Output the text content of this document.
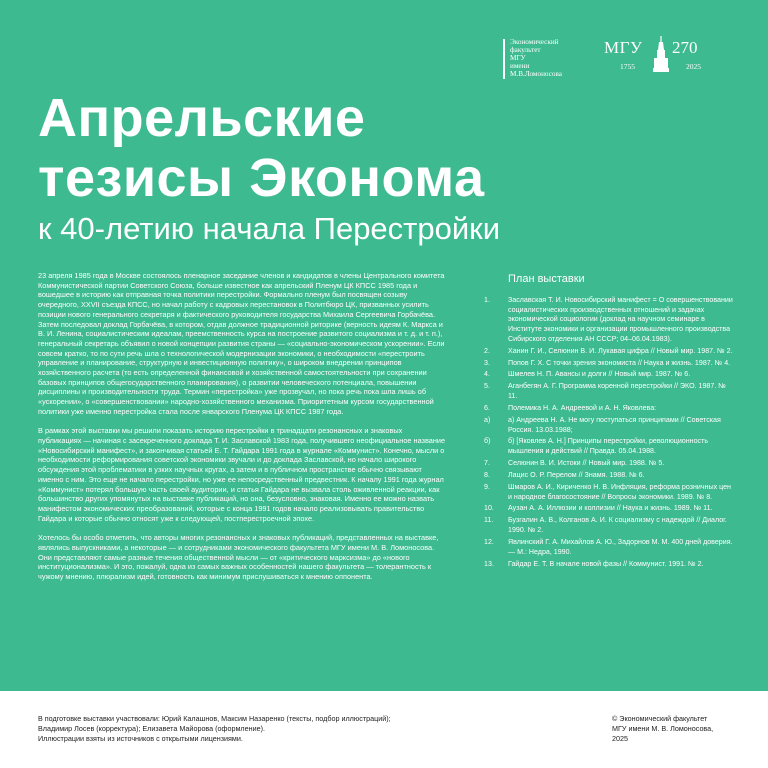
Экономический
факультет
МГУ
имени
М.В.Ломоносова
МГУ 270
1755	2025
Апрельские
тезисы Эконома
к 40-летию начала Перестройки

23 апреля 1985 года в Москве состоялось пленарное заседание членов и кандидатов в члены Центрального комитета Коммунистической партии Советского Союза, больше известное как апрельский Пленум ЦК КПСС 1985 года и вошедшее в историю как отправная точка политики перестройки. Формально пленум был посвящен созыву очередного, XXVII съезда КПСС, но начал работу с кадровых перестановок в Политбюро ЦК, призванных усилить позиции нового генерального секретаря и фактического руководителя государства Михаила Сергеевича Горбачёва. Затем последовал доклад Горбачёва, в котором, отдав должное традиционной риторике (верность идеям К. Маркса и В. И. Ленина, социалистическим идеалам, преемственность курса на построение развитого социализма и т. д. и т. п.), генеральный секретарь объявил о новой концепции развития страны — «социально-экономическом ускорении». Если совсем кратко, то по сути речь шла о технологической модернизации экономики, о необходимости «перестроить управление и планирование, структурную и инвестиционную политику», о широком внедрении принципов хозяйственного расчета (то есть определенной финансовой и хозяйственной самостоятельности при сохранении базовых принципов общегосударственного планирования), о развитии человеческого потенциала, повышении дисциплины и производительности труда. Термин «перестройка» уже прозвучал, но пока речь пока шла лишь об «ускорении», о «совершенствовании» народно-хозяйственного механизма. Приоритетным курсом государственной политики уже именно перестройка стала после январского Пленума ЦК КПСС 1987 года.

В рамках этой выставки мы решили показать историю перестройки в тринадцати резонансных и знаковых публикациях — начиная с засекреченного доклада Т. И. Заславской 1983 года, получившего неофициальное название «Новосибирский манифест», и закончивая статьей Е. Т. Гайдара 1991 года в журнале «Коммунист». Конечно, мысли о необходимости реформирования советской экономики звучали и до доклада Заславской, но начало широкого обсуждения этой проблематики в узких научных кругах, а затем и в публичном пространстве обычно связывают именно с ним. Это еще не начало перестройки, но уже ее непосредственный предвестник. К началу 1991 года журнал «Коммунист» потерял большую часть своей аудитории, и статья Гайдара не вызвала столь оживленной реакции, как большинство других упомянутых на выставке публикаций, но она, безусловно, знаковая. Именно ее можно назвать манифестом экономических преобразований, которые с конца 1991 годов начало реализовывать правительство Гайдара и которые обычно относят уже к следующей, постперестроечной эпохе.

Хотелось бы особо отметить, что авторы многих резонансных и знаковых публикаций, представленных на выставке, являлись выпускниками, а некоторые — и сотрудниками экономического факультета МГУ имени М. В. Ломоносова. Они представляют самые разные течения общественной мысли — от «критического марксизма» до «нового институционализма». И это, пожалуй, одна из самых важных особенностей нашего факультета — толерантность к чужому мнению, плюрализм идей, готовность как минимум прислушиваться к мнению оппонента.

План выставки
1.	Заславская Т. И. Новосибирский манифест = О совершенствовании социалистических производственных отношений и задачах экономической социологии (доклад на научном семинаре в Институте экономики и организации промышленного производства Сибирского отделения АН СССР; 04–06.04.1983).
2.	Ханин Г. И., Селюнин В. И. Лукавая цифра // Новый мир. 1987. № 2.
3.	Попов Г. Х. С точки зрения экономиста // Наука и жизнь. 1987. № 4.
4.	Шмелев Н. П. Авансы и долги // Новый мир. 1987. № 6.
5.	Аганбегян А. Г. Программа коренной перестройки // ЭКО. 1987. № 11.
6.	Полемика Н. А. Андреевой и А. Н. Яковлева:
а)	а) Андреева Н. А. Не могу поступаться принципами // Советская Россия. 13.03.1988;
б)	б) [Яковлев А. Н.] Принципы перестройки, революционность мышления и действий // Правда. 05.04.1988.
7.	Селюнин В. И. Истоки // Новый мир. 1988. № 5.
8.	Лацис О. Р. Перелом // Знамя. 1988. № 6.
9.	Шмаров А. И., Кириченко Н. В. Инфляция, реформа розничных цен и народное благосостояние // Вопросы экономики. 1989. № 8.
10.	Аузан А. А. Иллюзии и коллизии // Наука и жизнь. 1989. № 11.
11.	Бузгалин А. В., Колганов А. И. К социализму с надеждой // Диалог. 1990. № 2.
12.	Явлинский Г. А. Михайлов А. Ю., Задорнов М. М. 400 дней доверия. — М.: Недра, 1990.
13.	Гайдар Е. Т. В начале новой фазы // Коммунист. 1991. № 2.
В подготовке выставки участвовали: Юрий Калашнов, Максим Назаренко (тексты, подбор иллюстраций);
Владимир Лосев (корректура); Елизавета Майорова (оформление).
Иллюстрации взяты из источников с открытыми лицензиями.
© Экономический факультет
МГУ имени М. В. Ломоносова,
2025
